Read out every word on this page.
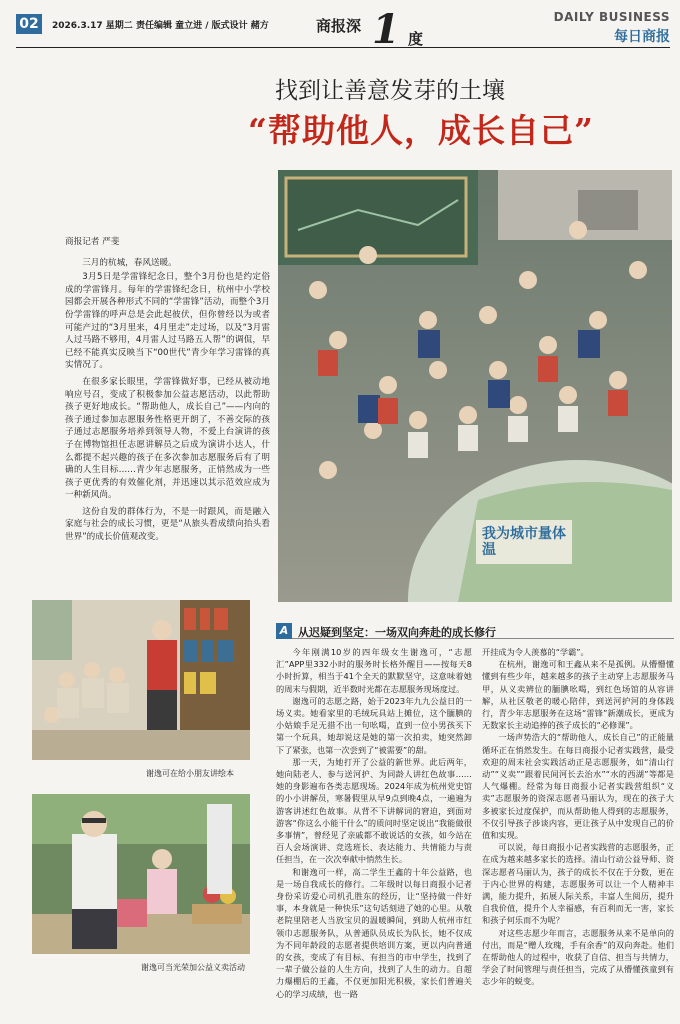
02	2026.3.17 星期二 责任编辑 童立进 / 版式设计 赭方	商报深 1 度
DAILY BUSINESS
每日商报
找到让善意发芽的土壤
“帮助他人，成长自己”
我为城市量体温

商报记者 严斐

三月的杭城，春风送暖。

3月5日是学雷锋纪念日，整个3月份也是约定俗成的学雷锋月。每年的学雷锋纪念日，杭州中小学校园都会开展各种形式不同的“学雷锋”活动，而整个3月份学雷锋的呼声总是会此起彼伏，但你曾经以为或者可能产过的“3月里来，4月里走”走过场，以及“3月雷人过马路不够用，4月雷人过马路五人帮”的调侃，早已经不能真实反映当下“00世代”青少年学习雷锋的真实情况了。

在很多家长眼里，学雷锋做好事，已经从被动地响应号召，变成了积极参加公益志愿活动，以此帮助孩子更好地成长。“帮助他人，成长自己”——内向的孩子通过参加志愿服务性格更开朗了，不善交际的孩子通过志愿服务培养到领导人物，不爱上台演讲的孩子在博物馆担任志愿讲解员之后成为演讲小达人，什么都提不起兴趣的孩子在多次参加志愿服务后有了明确的人生目标……青少年志愿服务，正悄然成为一些孩子更优秀的有效催化剂，并迅速以其示范效应成为一种新风尚。

这份自发的群体行为，不是一时跟风，而是融入家庭与社会的成长习惯，更是“从旅头看成绩向抬头看世界”的成长价值观改变。

谢逸可在给小朋友讲绘本
谢逸可当光荣加公益义卖活动
A 从迟疑到坚定：一场双向奔赴的成长修行

今年刚满10岁的四年级女生谢逸可，“志愿汇”APP里332小时的服务时长格外醒目——按每天8小时折算，相当于41个全天的默默坚守，这意味着她的周末与假期，近半数时光都在志愿服务现场度过。

谢逸可的志愿之路，始于2023年九九公益日的一场义卖。她看家里的毛绒玩具站上摊位，这个腼腆的小姑娘手足无措不出一句吆喝，直到一位小男孩买下第一个玩具，她却说这是她的第一次拍卖，她突然卸下了紧张，也第一次尝到了“被需要”的甜。

那一天，为她打开了公益的新世界。此后两年，她向陆老人、参与送河护、为同龄人讲红色故事……她的身影遍布各类志愿现场。2024年成为杭州党史馆的小小讲解员，寒暑假里从早9点到晚4点，一遍遍为游客讲述红色故事。从背不下讲解词的窘迫，到面对游客“你这么小能干什么”的质问时坚定说出“我能做很多事情”，曾经见了亲戚都不敢说话的女孩，如今站在百人会场演讲、竞选班长、表达能力、共情能力与责任担当，在一次次奉献中悄然生长。

和谢逸可一样，高二学生王鑫的十年公益路，也是一场自我成长的修行。二年级时以每日商报小记者身份采访爱心司机孔胜东的经历，让“坚持做一件好事，本身就是一种快乐”这句话刻进了她的心里。从敬老院里陪老人当放宝贝的温暖瞬间，到助人杭州市红领巾志愿服务队，从普通队员成长为队长，她不仅成为不同年龄段的志愿者提供培训方案，更以内向普通的女孩，变成了有目标、有担当的市中学生，找到了一辈子做公益的人生方向，找到了人生的动力。自超力爆棚后的王鑫，不仅更加阳光积极，家长们普遍关心的学习成绩，也一路

开挂成为令人羡慕的“学霸”。

在杭州，谢逸可和王鑫从来不是孤例。从懵懵懂懂到有些少年，越来越多的孩子主动穿上志愿服务马甲，从义卖辨位的腼腆吆喝，到红色场馆的从容讲解，从社区敬老的暖心陪伴，到送河护河的身体践行，青少年志愿服务在这场“雷锋”新潮成长，更成为无数家长主动追捧的孩子成长的“必修课”。

一场声势浩大的“帮助他人，成长自己”的正能量循环正在悄然发生。在每日商报小记者实践营，最受欢迎的周末社会实践活动正是志愿服务，如“清山行动”“义卖”“跟着民间河长去治水”“水的西湖”等都是人气爆棚。经常为每日商报小记者实践营组织“义卖”志愿服务的资深志愿者马丽认为，现在的孩子大多被家长过度保护，而从帮助他人得到的志愿服务，不仅引导孩子涉谈内容，更让孩子从中发现自己的价值和实现。

可以说，每日商报小记者实践营的志愿服务，正在成为越来越多家长的选择。清山行动公益导师、资深志愿者马丽认为，孩子的成长不仅在于分数，更在于内心世界的构建，志愿服务可以让一个人精神丰满，能力提升，拓展人际关系，丰富人生阅历，提升自我价值，提升个人幸福感，有百利而无一害，家长和孩子何乐而不为呢？

对这些志愿少年而言，志愿服务从来不是单向的付出，而是“赠人玫瑰，手有余香”的双向奔赴。他们在帮助他人的过程中，收获了自信、担当与共情力，学会了时间管理与责任担当，完成了从懵懂孩童到有志少年的蜕变。
